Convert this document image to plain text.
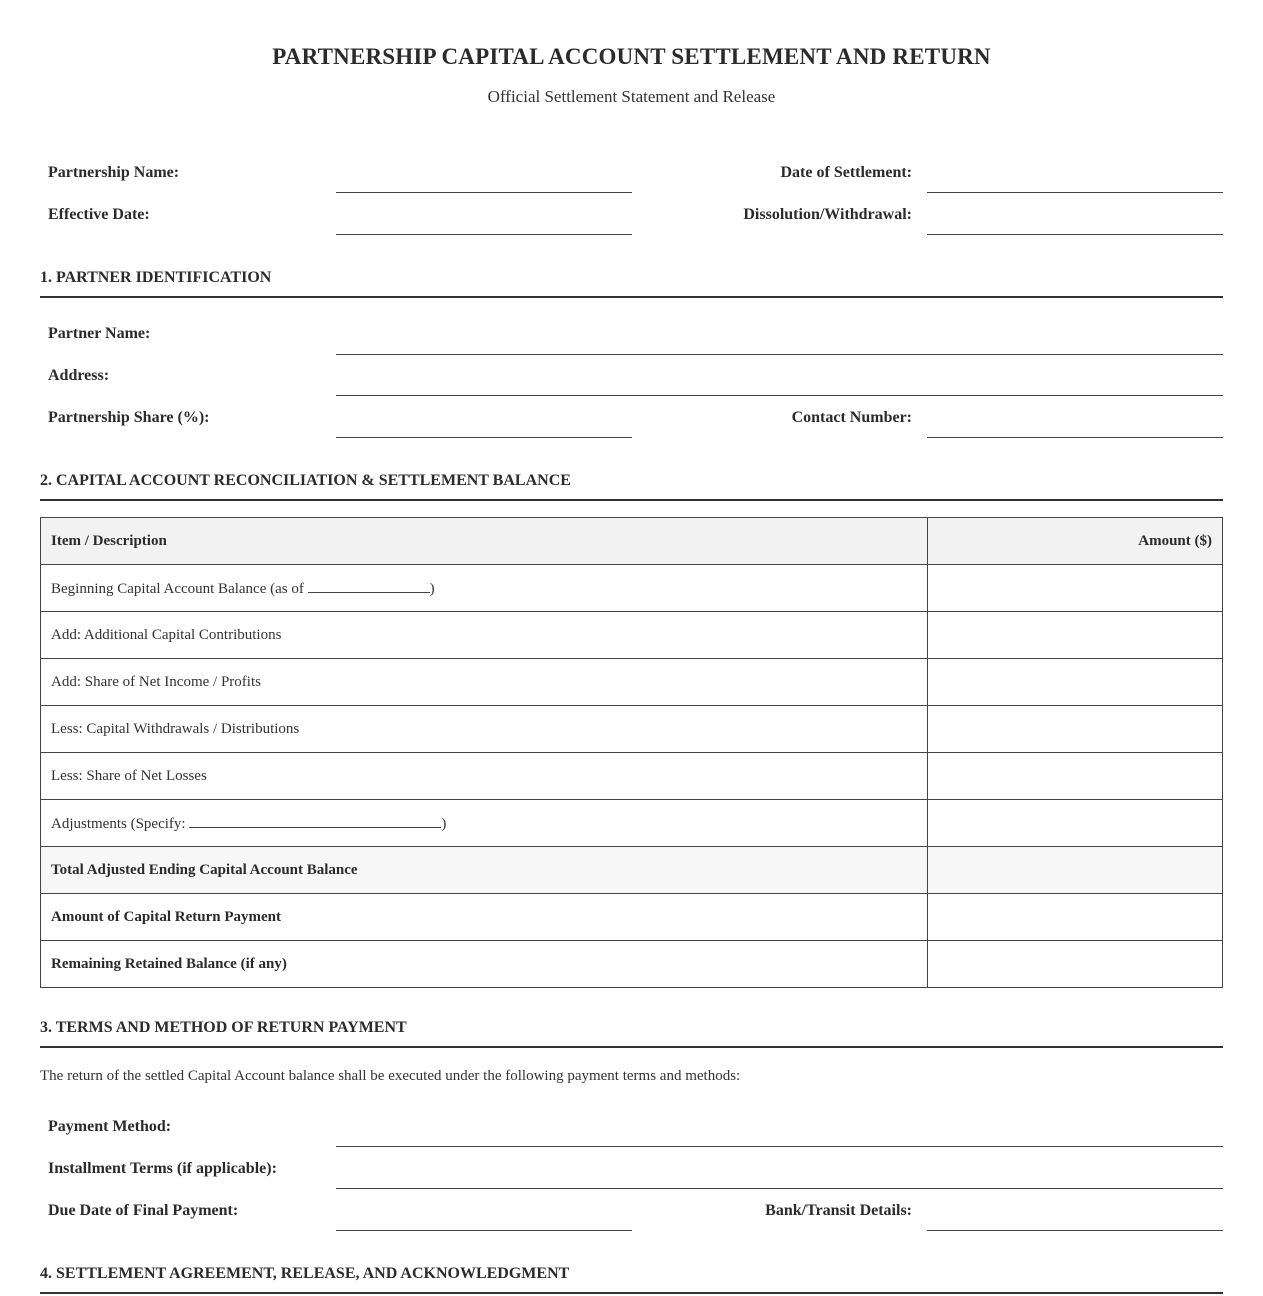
PARTNERSHIP CAPITAL ACCOUNT SETTLEMENT AND RETURN
Official Settlement Statement and Release
Partnership Name:	Date of Settlement:
Effective Date:	Dissolution/Withdrawal:
1. PARTNER IDENTIFICATION
Partner Name:
Address:
Partnership Share (%):	Contact Number:
2. CAPITAL ACCOUNT RECONCILIATION & SETTLEMENT BALANCE
Item / Description	Amount ($)
Beginning Capital Account Balance (as of )	
Add: Additional Capital Contributions	
Add: Share of Net Income / Profits	
Less: Capital Withdrawals / Distributions	
Less: Share of Net Losses	
Adjustments (Specify: )	
Total Adjusted Ending Capital Account Balance	
Amount of Capital Return Payment	
Remaining Retained Balance (if any)	
3. TERMS AND METHOD OF RETURN PAYMENT
The return of the settled Capital Account balance shall be executed under the following payment terms and methods:
Payment Method:
Installment Terms (if applicable):
Due Date of Final Payment:	Bank/Transit Details:
4. SETTLEMENT AGREEMENT, RELEASE, AND ACKNOWLEDGMENT
